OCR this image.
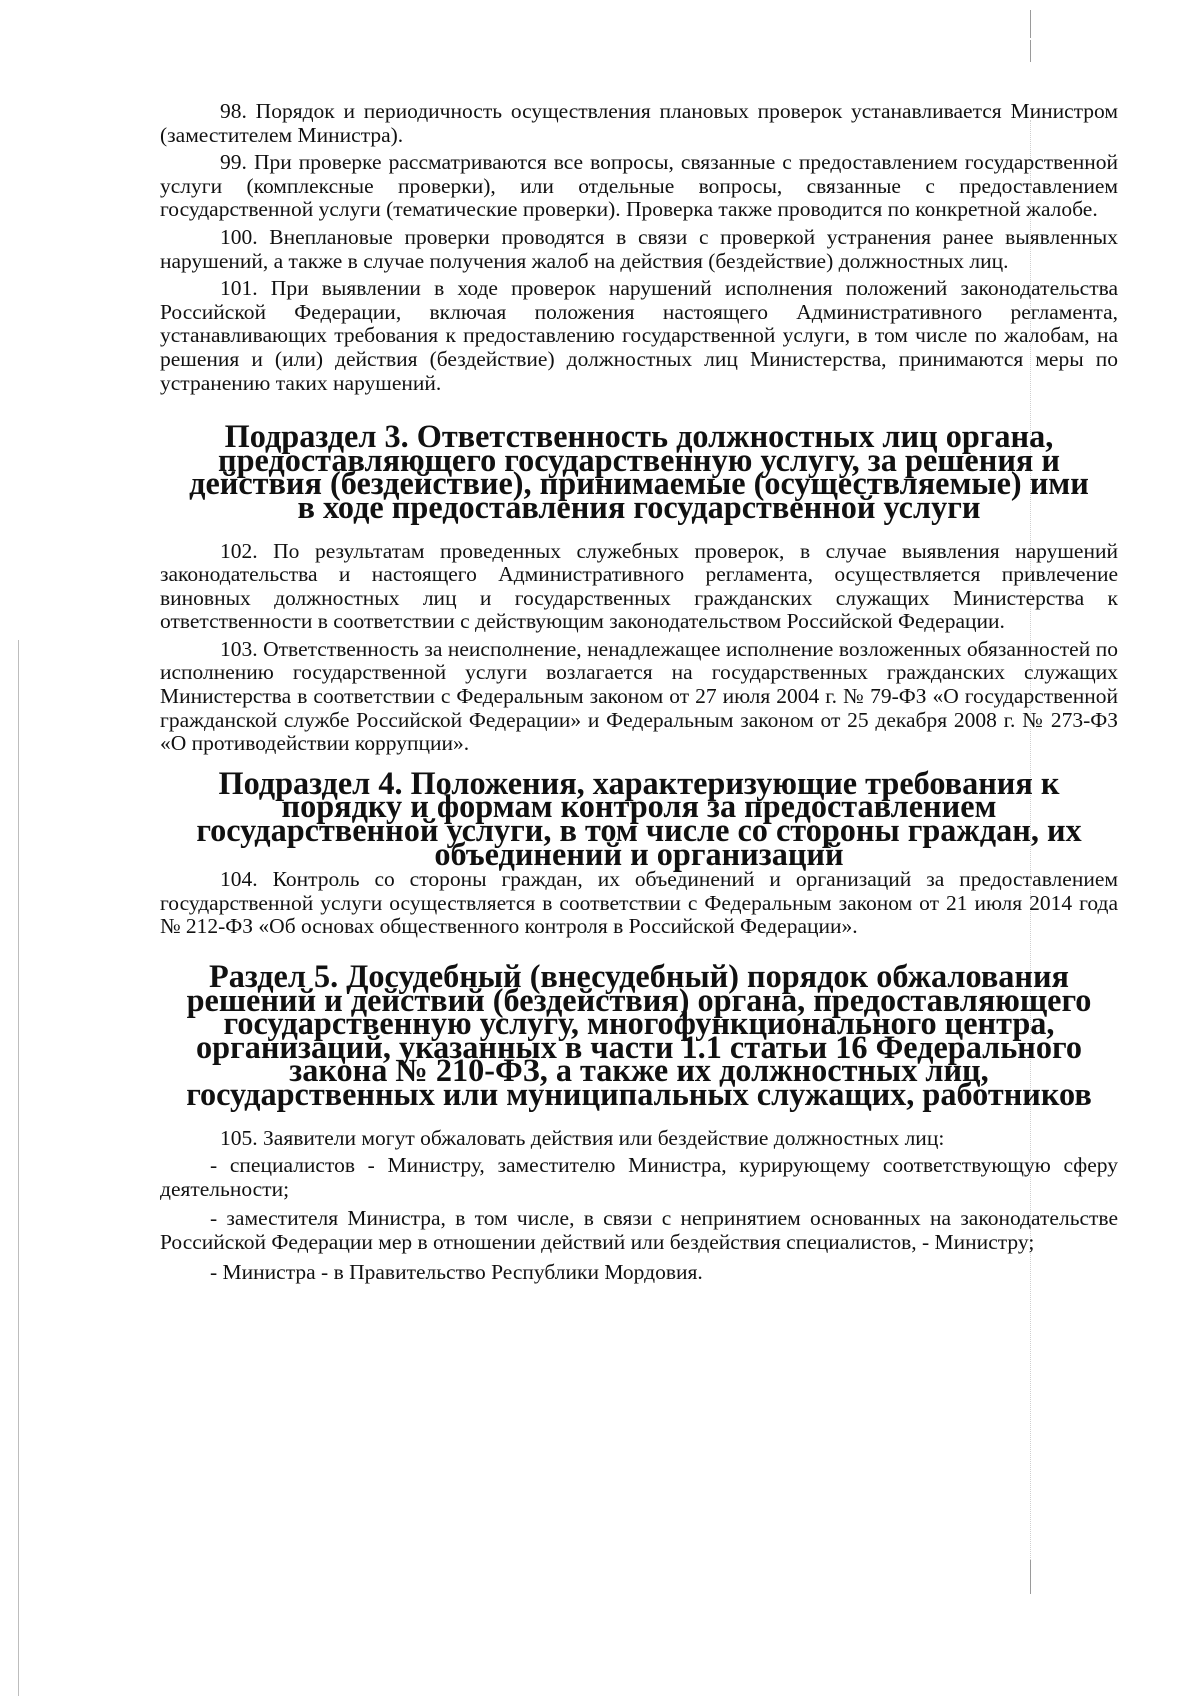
98. Порядок и периодичность осуществления плановых проверок устанавливается Министром (заместителем Министра).

99. При проверке рассматриваются все вопросы, связанные с предоставлением государственной услуги (комплексные проверки), или отдельные вопросы, связанные с предоставлением государственной услуги (тематические проверки). Проверка также проводится по конкретной жалобе.

100. Внеплановые проверки проводятся в связи с проверкой устранения ранее выявленных нарушений, а также в случае получения жалоб на действия (бездействие) должностных лиц.

101. При выявлении в ходе проверок нарушений исполнения положений законодательства Российской Федерации, включая положения настоящего Административного регламента, устанавливающих требования к предоставлению государственной услуги, в том числе по жалобам, на решения и (или) действия (бездействие) должностных лиц Министерства, принимаются меры по устранению таких нарушений.

Подраздел 3. Ответственность должностных лиц органа, предоставляющего государственную услугу, за решения и действия (бездействие), принимаемые (осуществляемые) ими в ходе предоставления государственной услуги

102. По результатам проведенных служебных проверок, в случае выявления нарушений законодательства и настоящего Административного регламента, осуществляется привлечение виновных должностных лиц и государственных гражданских служащих Министерства к ответственности в соответствии с действующим законодательством Российской Федерации.

103. Ответственность за неисполнение, ненадлежащее исполнение возложенных обязанностей по исполнению государственной услуги возлагается на государственных гражданских служащих Министерства в соответствии с Федеральным законом от 27 июля 2004 г. № 79-ФЗ «О государственной гражданской службе Российской Федерации» и Федеральным законом от 25 декабря 2008 г. № 273-ФЗ «О противодействии коррупции».

Подраздел 4. Положения, характеризующие требования к порядку и формам контроля за предоставлением государственной услуги, в том числе со стороны граждан, их объединений и организаций

104. Контроль со стороны граждан, их объединений и организаций за предоставлением государственной услуги осуществляется в соответствии с Федеральным законом от 21 июля 2014 года № 212-ФЗ «Об основах общественного контроля в Российской Федерации».

Раздел 5. Досудебный (внесудебный) порядок обжалования решений и действий (бездействия) органа, предоставляющего государственную услугу, многофункционального центра, организаций, указанных в части 1.1 статьи 16 Федерального закона № 210-ФЗ, а также их должностных лиц, государственных или муниципальных служащих, работников

105. Заявители могут обжаловать действия или бездействие должностных лиц:

- специалистов - Министру, заместителю Министра, курирующему соответствующую сферу деятельности;

- заместителя Министра, в том числе, в связи с непринятием основанных на законодательстве Российской Федерации мер в отношении действий или бездействия специалистов, - Министру;

- Министра - в Правительство Республики Мордовия.
